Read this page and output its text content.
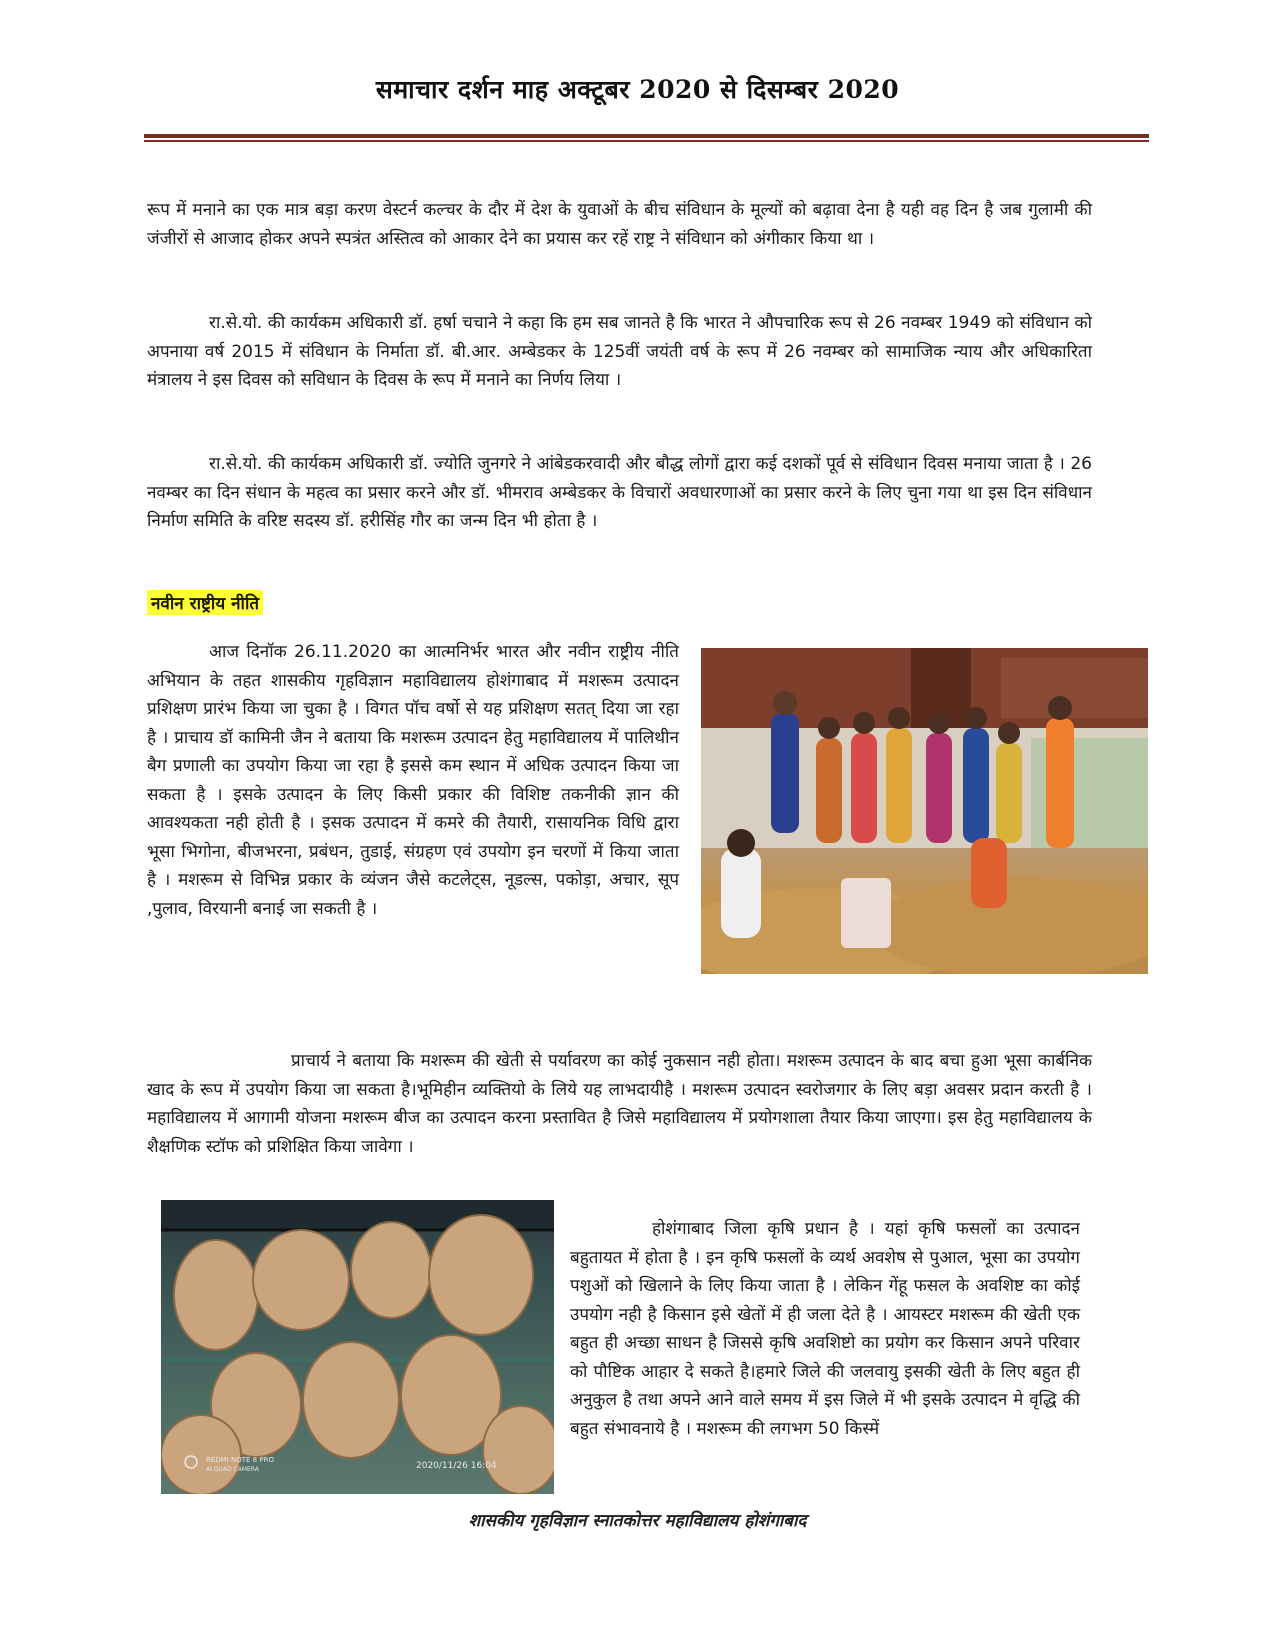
समाचार दर्शन माह अक्टूबर 2020 से दिसम्बर 2020
रूप में मनाने का एक मात्र बड़ा करण वेस्टर्न कल्चर के दौर में देश के युवाओं के बीच संविधान के मूल्यों को बढ़ावा देना है यही वह दिन है जब गुलामी की जंजीरों से आजाद होकर अपने स्पत्रंत अस्तित्व को आकार देने का प्रयास कर रहें राष्ट्र ने संविधान को अंगीकार किया था ।
रा.से.यो. की कार्यकम अधिकारी डॉ. हर्षा चचाने ने कहा कि हम सब जानते है कि भारत ने औपचारिक रूप से 26 नवम्बर 1949 को संविधान को अपनाया वर्ष 2015 में संविधान के निर्माता डॉ. बी.आर. अम्बेडकर के 125वीं जयंती वर्ष के रूप में 26 नवम्बर को सामाजिक न्याय और अधिकारिता मंत्रालय ने इस दिवस को सविधान के दिवस के रूप में मनाने का निर्णय लिया ।
रा.से.यो. की कार्यकम अधिकारी डॉ. ज्योति जुनगरे ने आंबेडकरवादी और बौद्ध लोगों द्वारा कई दशकों पूर्व से संविधान दिवस मनाया जाता है । 26 नवम्बर का दिन संधान के महत्व का प्रसार करने और डॉ. भीमराव अम्बेडकर के विचारों अवधारणाओं का प्रसार करने के लिए चुना गया था इस दिन संविधान निर्माण समिति के वरिष्ट सदस्य डॉ. हरीसिंह गौर का जन्म दिन भी होता है ।
नवीन राष्ट्रीय नीति
आज दिनॉक 26.11.2020 का आत्मनिर्भर भारत और नवीन राष्ट्रीय नीति अभियान के तहत शासकीय गृहविज्ञान महाविद्यालय होशंगाबाद में मशरूम उत्पादन प्रशिक्षण प्रारंभ किया जा चुका है । विगत पॉच वर्षो से यह प्रशिक्षण सतत् दिया जा रहा है । प्राचाय डॉ कामिनी जैन ने बताया कि मशरूम उत्पादन हेतु महाविद्यालय में पालिथीन बैग प्रणाली का उपयोग किया जा रहा है इससे कम स्थान में अधिक उत्पादन किया जा सकता है । इसके उत्पादन के लिए किसी प्रकार की विशिष्ट तकनीकी ज्ञान की आवश्यकता नही होती है । इसक उत्पादन में कमरे की तैयारी, रासायनिक विधि द्वारा भूसा भिगोना, बीजभरना, प्रबंधन, तुडाई, संग्रहण एवं उपयोग इन चरणों में किया जाता है । मशरूम से विभिन्न प्रकार के व्यंजन जैसे कटलेट्स, नूडल्स, पकोड़ा, अचार, सूप ,पुलाव, विरयानी बनाई जा सकती है ।
प्राचार्य ने बताया कि मशरूम की खेती से पर्यावरण का कोई नुकसान नही होता। मशरूम उत्पादन के बाद बचा हुआ भूसा कार्बनिक खाद के रूप में उपयोग किया जा सकता है।भूमिहीन व्यक्तियो के लिये यह लाभदायीहै । मशरूम उत्पादन स्वरोजगार के लिए बड़ा अवसर प्रदान करती है । महाविद्यालय में आगामी योजना मशरूम बीज का उत्पादन करना प्रस्तावित है जिसे महाविद्यालय में प्रयोगशाला तैयार किया जाएगा। इस हेतु महाविद्यालय के शैक्षणिक स्टॉफ को प्रशिक्षित किया जावेगा ।
REDMI NOTE 8 PRO
AI QUAD CAMERA	2020/11/26 16:04
होशंगाबाद जिला कृषि प्रधान है । यहां कृषि फसलों का उत्पादन बहुतायत में होता है । इन कृषि फसलों के व्यर्थ अवशेष से पुआल, भूसा का उपयोग पशुओं को खिलाने के लिए किया जाता है । लेकिन गेंहू फसल के अवशिष्ट का कोई उपयोग नही है किसान इसे खेतों में ही जला देते है । आयस्टर मशरूम की खेती एक बहुत ही अच्छा साधन है जिससे कृषि अवशिष्टो का प्रयोग कर किसान अपने परिवार को पौष्टिक आहार दे सकते है।हमारे जिले की जलवायु इसकी खेती के लिए बहुत ही अनुकुल है तथा अपने आने वाले समय में इस जिले में भी इसके उत्पादन मे वृद्धि की बहुत संभावनाये है । मशरूम की लगभग 50 किस्में
शासकीय गृहविज्ञान स्नातकोत्तर महाविद्यालय होशंगाबाद
